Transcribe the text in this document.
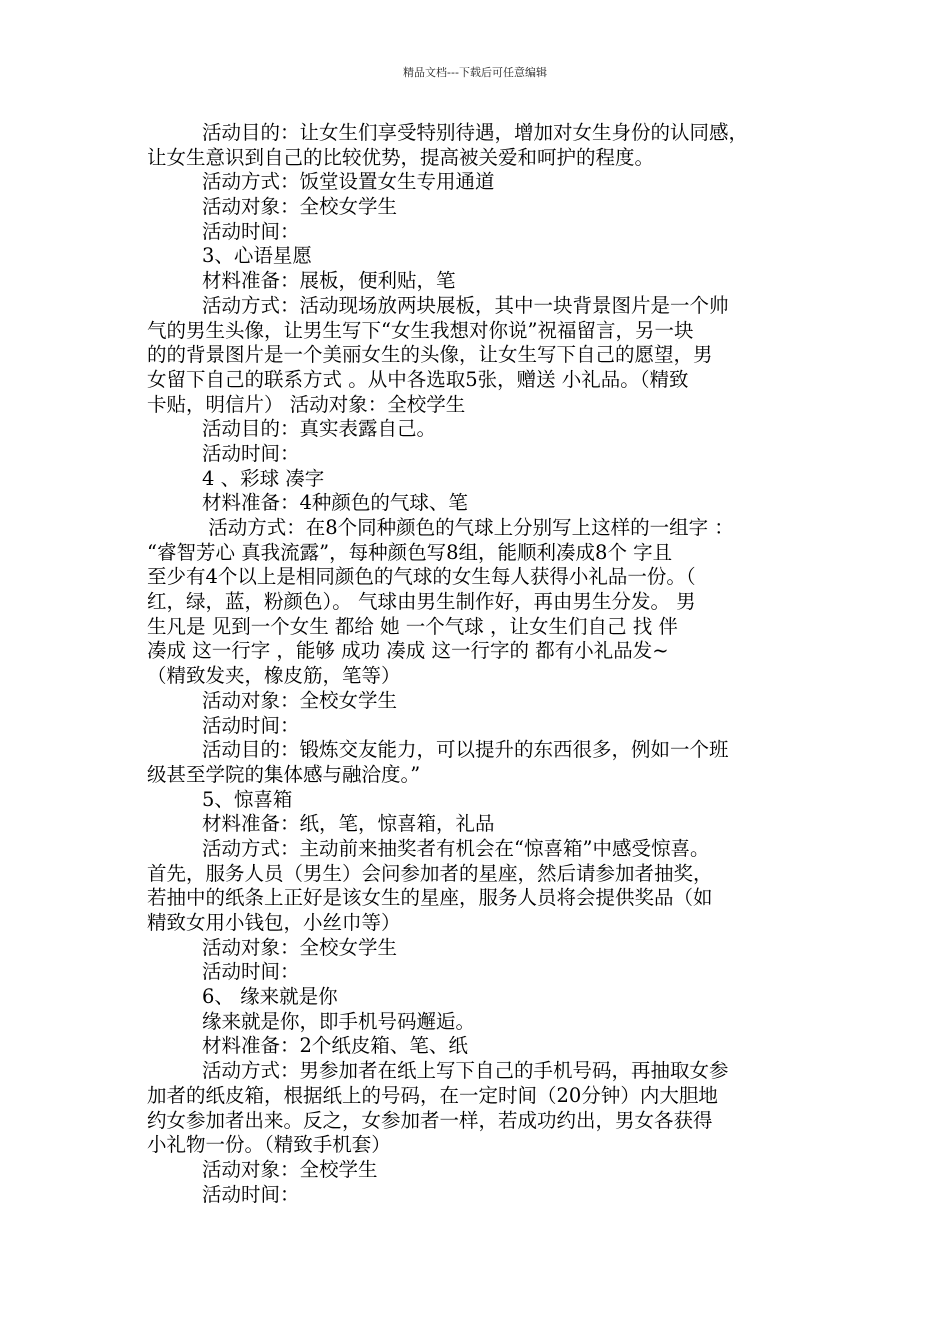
精品文档---下载后可任意编辑
活动目的：让女生们享受特别待遇，增加对女生身份的认同感，
让女生意识到自己的比较优势，提高被关爱和呵护的程度。
活动方式：饭堂设置女生专用通道
活动对象：全校女学生
活动时间：
3、心语星愿
材料准备：展板，便利贴，笔
活动方式：活动现场放两块展板，其中一块背景图片是一个帅
气的男生头像，让男生写下“女生我想对你说”祝福留言，另一块
的的背景图片是一个美丽女生的头像，让女生写下自己的愿望，男
女留下自己的联系方式 。从中各选取5张，赠送 小礼品。（精致
卡贴，明信片） 活动对象：全校学生
活动目的：真实表露自己。
活动时间：
4 、彩球 凑字
材料准备：4种颜色的气球、笔
活动方式：在8个同种颜色的气球上分别写上这样的一组字 ：
“睿智芳心 真我流露”，每种颜色写8组，能顺利凑成8个 字且
至少有4个以上是相同颜色的气球的女生每人获得小礼品一份。（
红，绿，蓝，粉颜色）。 气球由男生制作好，再由男生分发。 男
生凡是 见到一个女生 都给 她 一个气球 ，让女生们自己 找 伴
凑成 这一行字 ，能够 成功 凑成 这一行字的 都有小礼品发~
（精致发夹，橡皮筋，笔等）
活动对象：全校女学生
活动时间：
活动目的：锻炼交友能力，可以提升的东西很多，例如一个班
级甚至学院的集体感与融洽度。”
5、惊喜箱
材料准备：纸，笔，惊喜箱，礼品
活动方式：主动前来抽奖者有机会在“惊喜箱”中感受惊喜。
首先，服务人员（男生）会问参加者的星座，然后请参加者抽奖，
若抽中的纸条上正好是该女生的星座，服务人员将会提供奖品（如
精致女用小钱包，小丝巾等）
活动对象：全校女学生
活动时间：
6、 缘来就是你
缘来就是你，即手机号码邂逅。
材料准备：2个纸皮箱、笔、纸
活动方式：男参加者在纸上写下自己的手机号码，再抽取女参
加者的纸皮箱，根据纸上的号码，在一定时间（20分钟）内大胆地
约女参加者出来。反之，女参加者一样，若成功约出，男女各获得
小礼物一份。（精致手机套）
活动对象：全校学生
活动时间：
